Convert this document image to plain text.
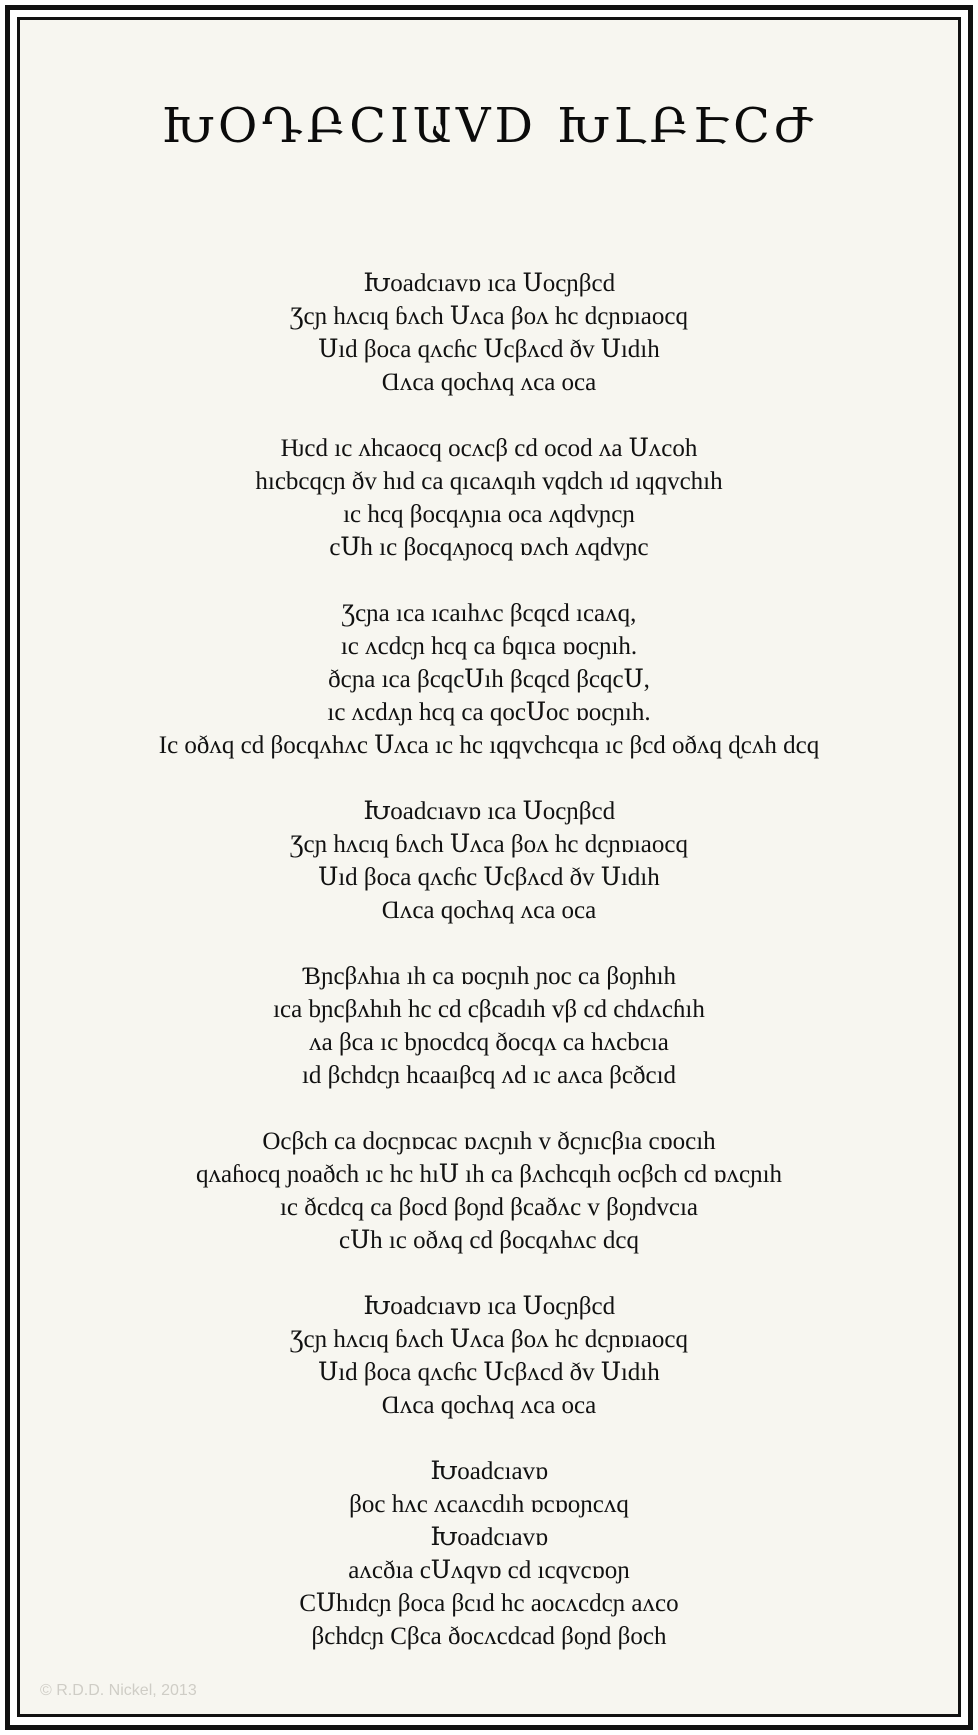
ԽՕԴԲCIԱVD ԽԼԲԷCԺ
Խoadcıavɒ ıca Սocɲβcd
Ʒcɲ hʌcıq ɓʌch Սʌca βoʌ hc dcɲɒıaocq
Սıd βoca qʌcɦc Սcβʌcd ðv Սıdıh
Ɑʌca qochʌq ʌca oca
Ƕcd ıc ʌhcaocq ocʌcβ cd ocod ʌa Սʌcoh
hıcbcqcɲ ðv hıd ca qıcaʌqıh vqdch ıd ıqqvchıh
ıc hcq βocqʌɲıa oca ʌqdvɲcɲ
cՍh ıc βocqʌɲocq ɒʌch ʌqdvɲc
Ʒcɲa ıca ıcaıhʌc βcqcd ıcaʌq,
ıc ʌcdcɲ hcq ca ɓqıca ɒocɲıh.
ðcɲa ıca βcqcՍıh βcqcd βcqcՍ,
ıc ʌcdʌɲ hcq ca qocՍoc ɒocɲıh.
Ic oðʌq cd βocqʌhʌc Սʌca ıc hc ıqqvchcqıa ıc βcd oðʌq ɖcʌh dcq
Խoadcıavɒ ıca Սocɲβcd
Ʒcɲ hʌcıq ɓʌch Սʌca βoʌ hc dcɲɒıaocq
Սıd βoca qʌcɦc Սcβʌcd ðv Սıdıh
Ɑʌca qochʌq ʌca oca
Ɓɲcβʌhıa ıh ca ɒocɲıh ɲoc ca βoɲhıh
ıca bɲcβʌhıh hc cd cβcadıh vβ cd chdʌcɦıh
ʌa βca ıc bɲocdcq ðocqʌ ca hʌcbcıa
ıd βchdcɲ hcaaıβcq ʌd ıc aʌca βcðcıd
Ocβch ca docɲɒcac ɒʌcɲıh v ðcɲıcβıa cɒocıh
qʌaɦocq ɲoaðch ıc hc hıՍ ıh ca βʌchcqıh ocβch cd ɒʌcɲıh
ıc ðcdcq ca βocd βoɲd βcaðʌc v βoɲdvcıa
cՍh ıc oðʌq cd βocqʌhʌc dcq
Խoadcıavɒ ıca Սocɲβcd
Ʒcɲ hʌcıq ɓʌch Սʌca βoʌ hc dcɲɒıaocq
Սıd βoca qʌcɦc Սcβʌcd ðv Սıdıh
Ɑʌca qochʌq ʌca oca
Խoadcıavɒ
βoc hʌc ʌcaʌcdıh ɒcɒoɲcʌq
Խoadcıavɒ
aʌcðıa cՍʌqvɒ cd ıcqvcɒoɲ
CՍhıdcɲ βoca βcıd hc aocʌcdcɲ aʌco
βchdcɲ Cβca ðocʌcdcad βoɲd βoch
© R.D.D. Nickel, 2013
